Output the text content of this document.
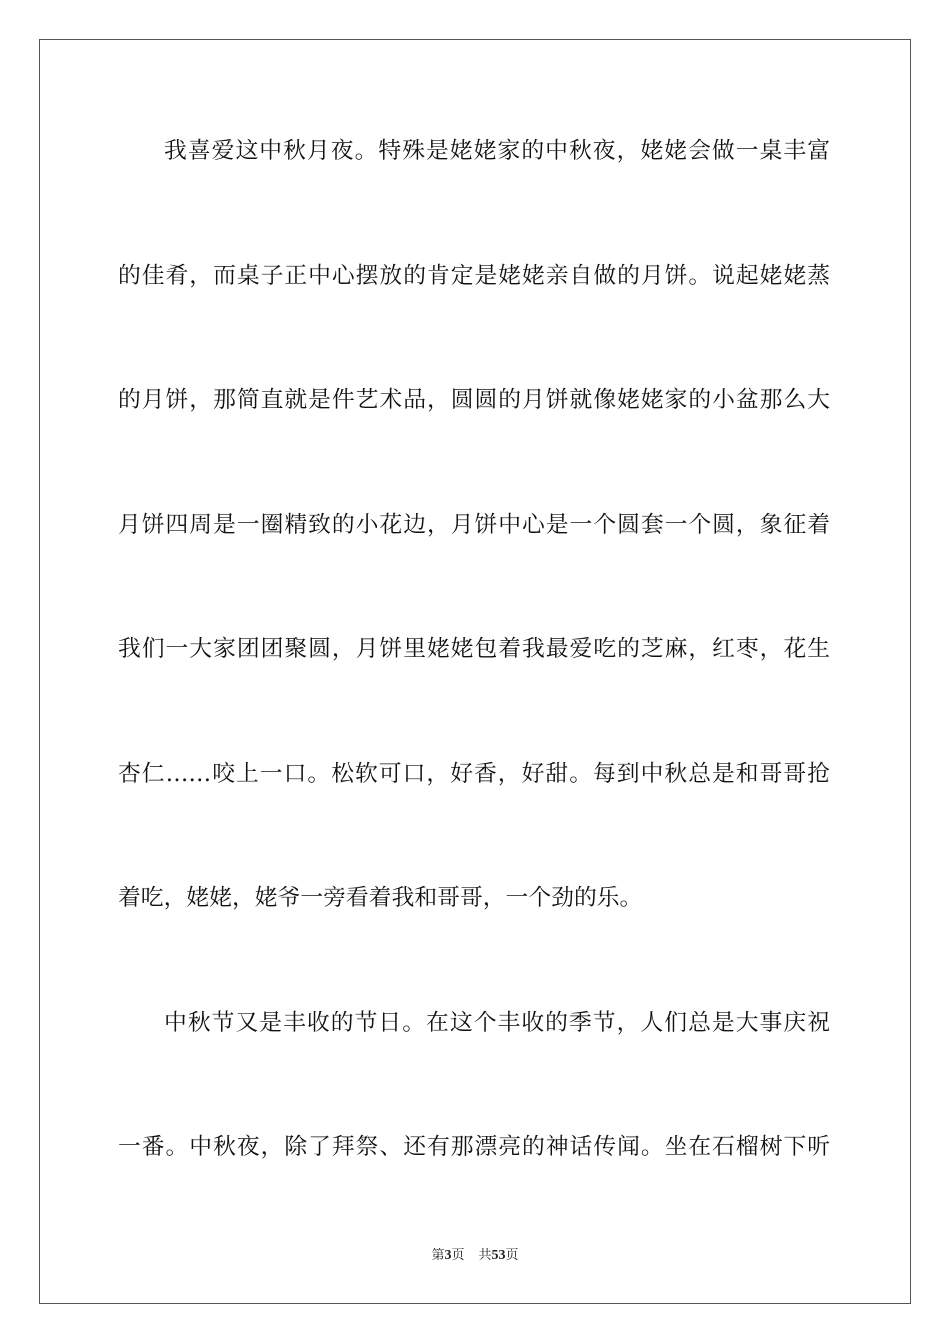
我喜爱这中秋月夜。特殊是姥姥家的中秋夜，姥姥会做一桌丰富
的佳肴，而桌子正中心摆放的肯定是姥姥亲自做的月饼。说起姥姥蒸
的月饼，那简直就是件艺术品，圆圆的月饼就像姥姥家的小盆那么大
月饼四周是一圈精致的小花边，月饼中心是一个圆套一个圆，象征着
我们一大家团团聚圆，月饼里姥姥包着我最爱吃的芝麻，红枣，花生
杏仁……咬上一口。松软可口，好香，好甜。每到中秋总是和哥哥抢
着吃，姥姥，姥爷一旁看着我和哥哥，一个劲的乐。
中秋节又是丰收的节日。在这个丰收的季节，人们总是大事庆祝
一番。中秋夜，除了拜祭、还有那漂亮的神话传闻。坐在石榴树下听
第3页 共53页
